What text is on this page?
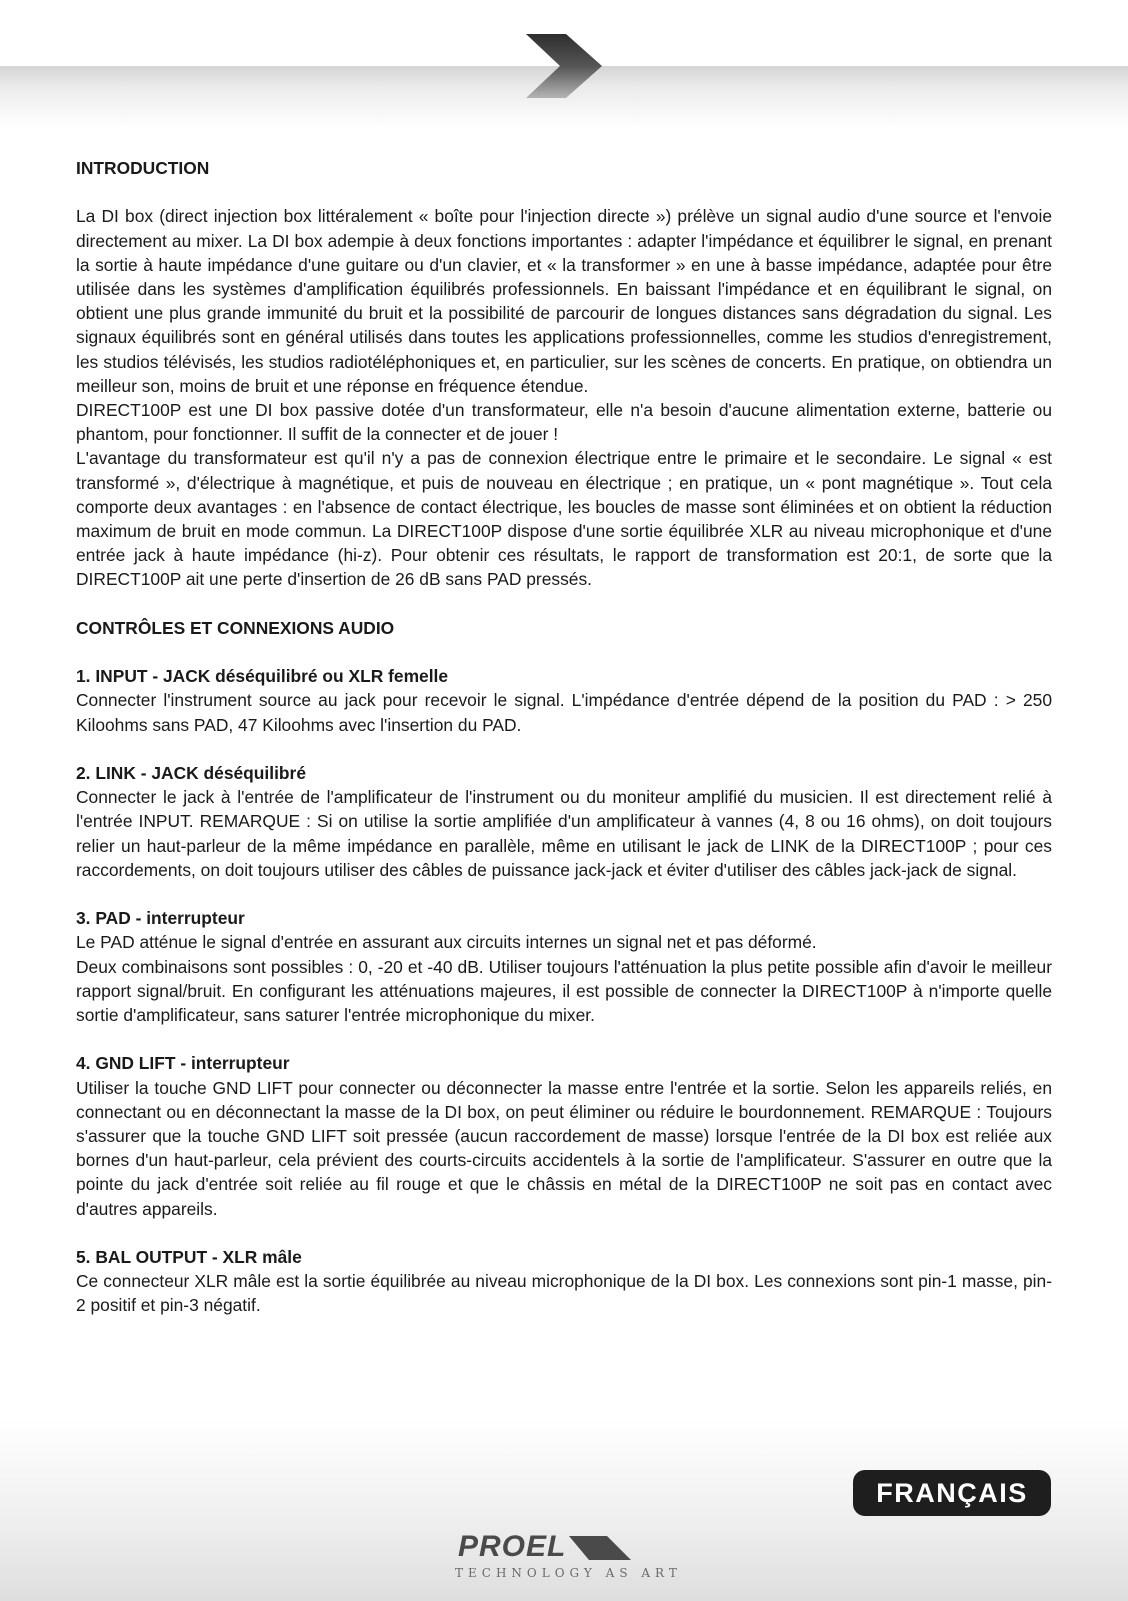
INTRODUCTION

La DI box (direct injection box littéralement « boîte pour l'injection directe ») prélève un signal audio d'une source et l'envoie directement au mixer. La DI box adempie à deux fonctions importantes : adapter l'impédance et équilibrer le signal, en prenant la sortie à haute impédance d'une guitare ou d'un clavier, et « la transformer » en une à basse impédance, adaptée pour être utilisée dans les systèmes d'amplification équilibrés professionnels. En baissant l'impédance et en équilibrant le signal, on obtient une plus grande immunité du bruit et la possibilité de parcourir de longues distances sans dégradation du signal. Les signaux équilibrés sont en général utilisés dans toutes les applications professionnelles, comme les studios d'enregistrement, les studios télévisés, les studios radiotéléphoniques et, en particulier, sur les scènes de concerts. En pratique, on obtiendra un meilleur son, moins de bruit et une réponse en fréquence étendue.

DIRECT100P est une DI box passive dotée d'un transformateur, elle n'a besoin d'aucune alimentation externe, batterie ou phantom, pour fonctionner. Il suffit de la connecter et de jouer !

L'avantage du transformateur est qu'il n'y a pas de connexion électrique entre le primaire et le secondaire. Le signal « est transformé », d'électrique à magnétique, et puis de nouveau en électrique ; en pratique, un « pont magnétique ». Tout cela comporte deux avantages : en l'absence de contact électrique, les boucles de masse sont éliminées et on obtient la réduction maximum de bruit en mode commun. La DIRECT100P dispose d'une sortie équilibrée XLR au niveau microphonique et d'une entrée jack à haute impédance (hi-z). Pour obtenir ces résultats, le rapport de transformation est 20:1, de sorte que la DIRECT100P ait une perte d'insertion de 26 dB sans PAD pressés.

CONTRÔLES ET CONNEXIONS AUDIO

1. INPUT - JACK déséquilibré ou XLR femelle

Connecter l'instrument source au jack pour recevoir le signal. L'impédance d'entrée dépend de la position du PAD : > 250 Kiloohms sans PAD, 47 Kiloohms avec l'insertion du PAD.

2. LINK - JACK déséquilibré

Connecter le jack à l'entrée de l'amplificateur de l'instrument ou du moniteur amplifié du musicien. Il est directement relié à l'entrée INPUT. REMARQUE : Si on utilise la sortie amplifiée d'un amplificateur à vannes (4, 8 ou 16 ohms), on doit toujours relier un haut-parleur de la même impédance en parallèle, même en utilisant le jack de LINK de la DIRECT100P ; pour ces raccordements, on doit toujours utiliser des câbles de puissance jack-jack et éviter d'utiliser des câbles jack-jack de signal.

3. PAD - interrupteur

Le PAD atténue le signal d'entrée en assurant aux circuits internes un signal net et pas déformé.

Deux combinaisons sont possibles : 0, -20 et -40 dB. Utiliser toujours l'atténuation la plus petite possible afin d'avoir le meilleur rapport signal/bruit. En configurant les atténuations majeures, il est possible de connecter la DIRECT100P à n'importe quelle sortie d'amplificateur, sans saturer l'entrée microphonique du mixer.

4. GND LIFT - interrupteur

Utiliser la touche GND LIFT pour connecter ou déconnecter la masse entre l'entrée et la sortie. Selon les appareils reliés, en connectant ou en déconnectant la masse de la DI box, on peut éliminer ou réduire le bourdonnement. REMARQUE : Toujours s'assurer que la touche GND LIFT soit pressée (aucun raccordement de masse) lorsque l'entrée de la DI box est reliée aux bornes d'un haut-parleur, cela prévient des courts-circuits accidentels à la sortie de l'amplificateur. S'assurer en outre que la pointe du jack d'entrée soit reliée au fil rouge et que le châssis en métal de la DIRECT100P ne soit pas en contact avec d'autres appareils.

5. BAL OUTPUT - XLR mâle

Ce connecteur XLR mâle est la sortie équilibrée au niveau microphonique de la DI box. Les connexions sont pin-1 masse, pin-2 positif et pin-3 négatif.

FRANÇAIS
PROEL
TECHNOLOGY AS ART
